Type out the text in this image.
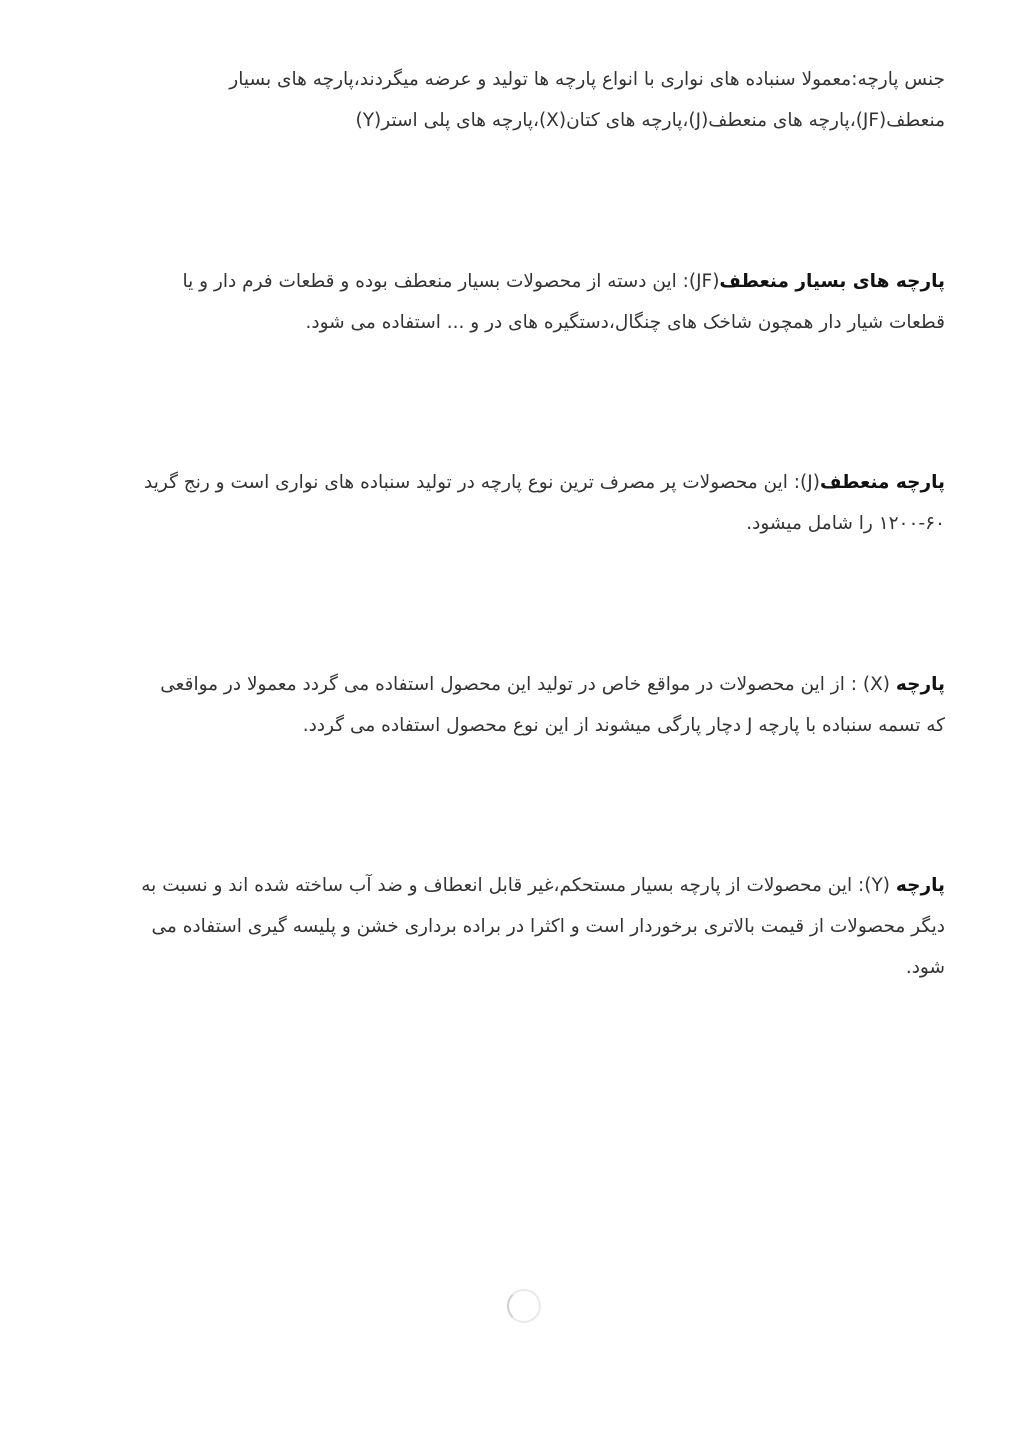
جنس پارچه:معمولا سنباده های نواری با انواع پارچه ها تولید و عرضه میگردند،پارچه های بسیار منعطف(JF)،پارچه های منعطف(J)،پارچه های کتان(X)،پارچه های پلی استر(Y)

پارچه های بسیار منعطف(JF): این دسته از محصولات بسیار منعطف بوده و قطعات فرم دار و یا قطعات شیار دار همچون شاخک های چنگال،دستگیره های در و ... استفاده می شود.

پارچه منعطف(J): این محصولات پر مصرف ترین نوع پارچه در تولید سنباده های نواری است و رنج گرید ۶۰-۱۲۰۰ را شامل میشود.

پارچه (X) : از این محصولات در مواقع خاص در تولید این محصول استفاده می گردد معمولا در مواقعی که تسمه سنباده با پارچه J دچار پارگی میشوند از این نوع محصول استفاده می گردد.

پارچه (Y): این محصولات از پارچه بسیار مستحکم،غیر قابل انعطاف و ضد آب ساخته شده اند و نسبت به دیگر محصولات از قیمت بالاتری برخوردار است و اکثرا در براده برداری خشن و پلیسه گیری استفاده می شود.
